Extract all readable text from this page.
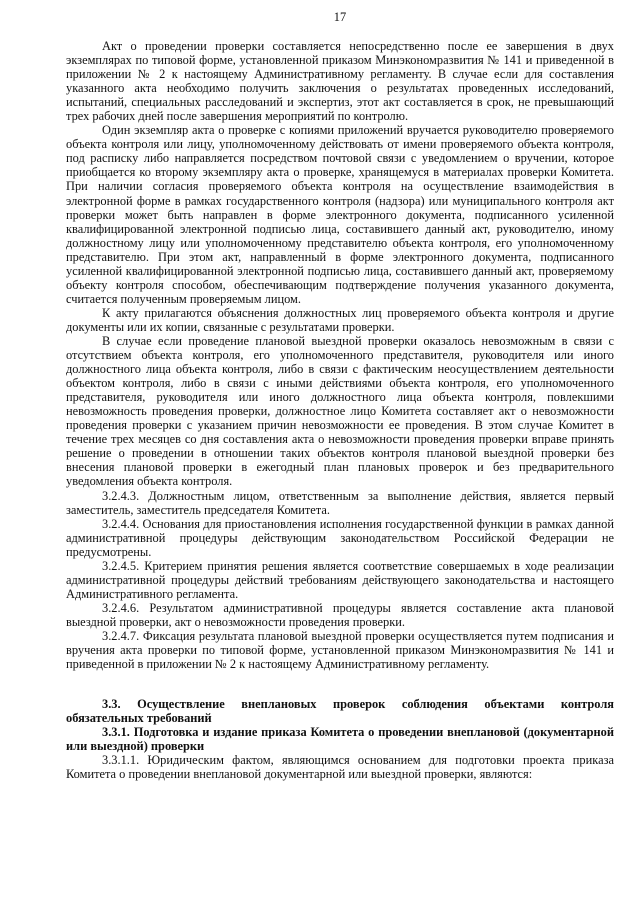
17

Акт о проведении проверки составляется непосредственно после ее завершения в двух экземплярах по типовой форме, установленной приказом Минэкономразвития № 141 и приведенной в приложении № 2 к настоящему Административному регламенту. В случае если для составления указанного акта необходимо получить заключения о результатах проведенных исследований, испытаний, специальных расследований и экспертиз, этот акт составляется в срок, не превышающий трех рабочих дней после завершения мероприятий по контролю.

Один экземпляр акта о проверке с копиями приложений вручается руководителю проверяемого объекта контроля или лицу, уполномоченному действовать от имени проверяемого объекта контроля, под расписку либо направляется посредством почтовой связи с уведомлением о вручении, которое приобщается ко второму экземпляру акта о проверке, хранящемуся в материалах проверки Комитета. При наличии согласия проверяемого объекта контроля на осуществление взаимодействия в электронной форме в рамках государственного контроля (надзора) или муниципального контроля акт проверки может быть направлен в форме электронного документа, подписанного усиленной квалифицированной электронной подписью лица, составившего данный акт, руководителю, иному должностному лицу или уполномоченному представителю объекта контроля, его уполномоченному представителю. При этом акт, направленный в форме электронного документа, подписанного усиленной квалифицированной электронной подписью лица, составившего данный акт, проверяемому объекту контроля способом, обеспечивающим подтверждение получения указанного документа, считается полученным проверяемым лицом.

К акту прилагаются объяснения должностных лиц проверяемого объекта контроля и другие документы или их копии, связанные с результатами проверки.

В случае если проведение плановой выездной проверки оказалось невозможным в связи с отсутствием объекта контроля, его уполномоченного представителя, руководителя или иного должностного лица объекта контроля, либо в связи с фактическим неосуществлением деятельности объектом контроля, либо в связи с иными действиями объекта контроля, его уполномоченного представителя, руководителя или иного должностного лица объекта контроля, повлекшими невозможность проведения проверки, должностное лицо Комитета составляет акт о невозможности проведения проверки с указанием причин невозможности ее проведения. В этом случае Комитет в течение трех месяцев со дня составления акта о невозможности проведения проверки вправе принять решение о проведении в отношении таких объектов контроля плановой выездной проверки без внесения плановой проверки в ежегодный план плановых проверок и без предварительного уведомления объекта контроля.

3.2.4.3. Должностным лицом, ответственным за выполнение действия, является первый заместитель, заместитель председателя Комитета.

3.2.4.4. Основания для приостановления исполнения государственной функции в рамках данной административной процедуры действующим законодательством Российской Федерации не предусмотрены.

3.2.4.5. Критерием принятия решения является соответствие совершаемых в ходе реализации административной процедуры действий требованиям действующего законодательства и настоящего Административного регламента.

3.2.4.6. Результатом административной процедуры является составление акта плановой выездной проверки, акт о невозможности проведения проверки.

3.2.4.7. Фиксация результата плановой выездной проверки осуществляется путем подписания и вручения акта проверки по типовой форме, установленной приказом Минэкономразвития № 141 и приведенной в приложении № 2 к настоящему Административному регламенту.

3.3. Осуществление внеплановых проверок соблюдения объектами контроля обязательных требований

3.3.1. Подготовка и издание приказа Комитета о проведении внеплановой (документарной или выездной) проверки

3.3.1.1. Юридическим фактом, являющимся основанием для подготовки проекта приказа Комитета о проведении внеплановой документарной или выездной проверки, являются:
